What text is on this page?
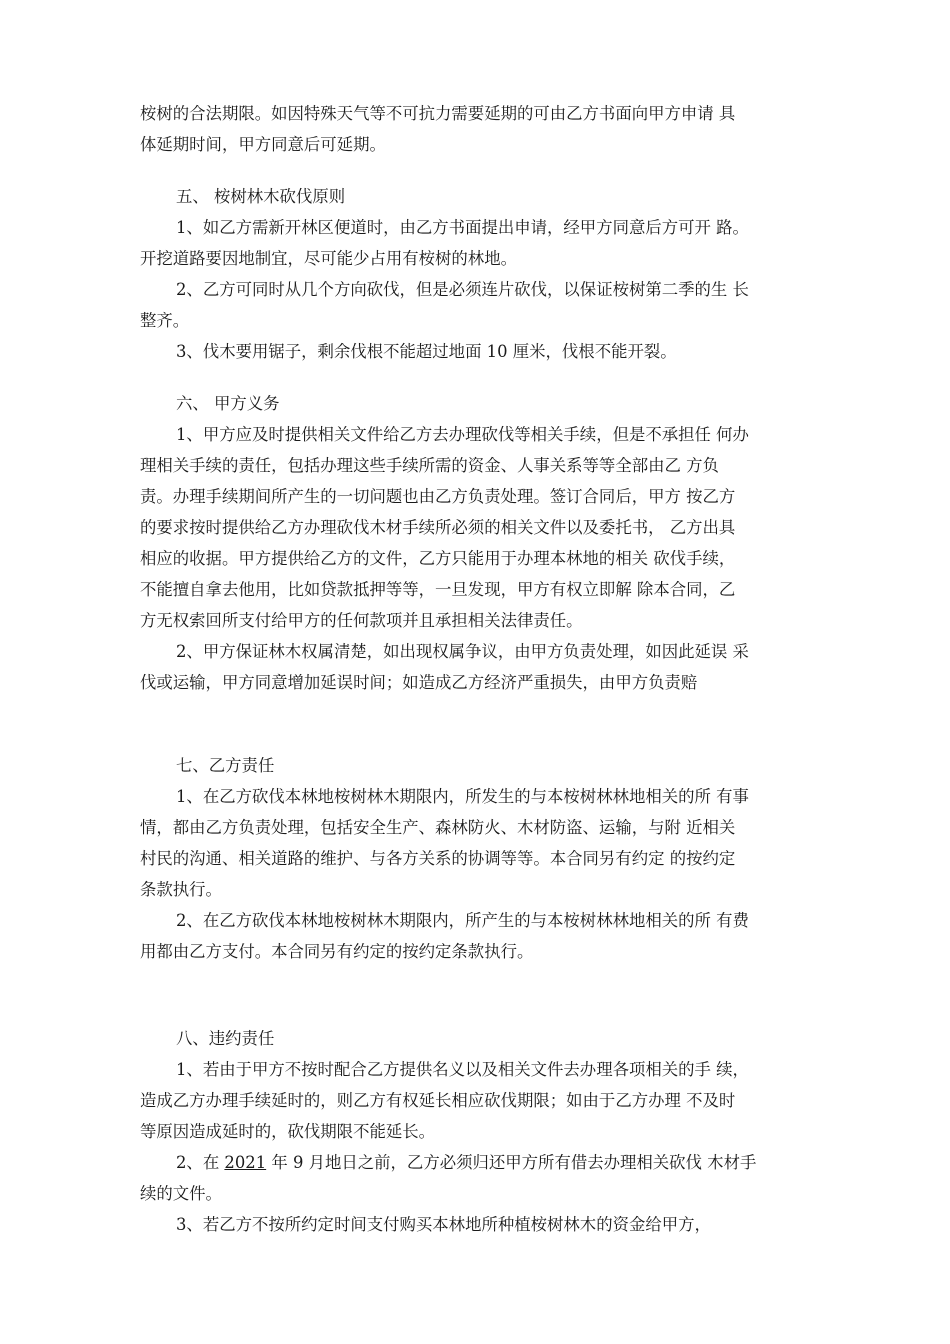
桉树的合法期限。如因特殊天气等不可抗力需要延期的可由乙方书面向甲方申请 具
体延期时间，甲方同意后可延期。
五、 桉树林木砍伐原则
1、如乙方需新开林区便道时，由乙方书面提出申请，经甲方同意后方可开 路。
开挖道路要因地制宜，尽可能少占用有桉树的林地。
2、乙方可同时从几个方向砍伐，但是必须连片砍伐，以保证桉树第二季的生 长
整齐。
3、伐木要用锯子，剩余伐根不能超过地面 10 厘米，伐根不能开裂。
六、 甲方义务
1、甲方应及时提供相关文件给乙方去办理砍伐等相关手续，但是不承担任 何办
理相关手续的责任，包括办理这些手续所需的资金、人事关系等等全部由乙 方负
责。办理手续期间所产生的一切问题也由乙方负责处理。签订合同后，甲方 按乙方
的要求按时提供给乙方办理砍伐木材手续所必须的相关文件以及委托书， 乙方出具
相应的收据。甲方提供给乙方的文件，乙方只能用于办理本林地的相关 砍伐手续，
不能擅自拿去他用，比如贷款抵押等等，一旦发现，甲方有权立即解 除本合同，乙
方无权索回所支付给甲方的任何款项并且承担相关法律责任。
2、甲方保证林木权属清楚，如出现权属争议，由甲方负责处理，如因此延误 采
伐或运输，甲方同意增加延误时间；如造成乙方经济严重损失，由甲方负责赔
七、乙方责任
1、在乙方砍伐本林地桉树林木期限内，所发生的与本桉树林林地相关的所 有事
情，都由乙方负责处理，包括安全生产、森林防火、木材防盗、运输，与附 近相关
村民的沟通、相关道路的维护、与各方关系的协调等等。本合同另有约定 的按约定
条款执行。
2、在乙方砍伐本林地桉树林木期限内，所产生的与本桉树林林地相关的所 有费
用都由乙方支付。本合同另有约定的按约定条款执行。
八、违约责任
1、若由于甲方不按时配合乙方提供名义以及相关文件去办理各项相关的手 续，
造成乙方办理手续延时的，则乙方有权延长相应砍伐期限；如由于乙方办理 不及时
等原因造成延时的，砍伐期限不能延长。
2、在 2021 年 9 月地日之前，乙方必须归还甲方所有借去办理相关砍伐 木材手
续的文件。
3、若乙方不按所约定时间支付购买本林地所种植桉树林木的资金给甲方，
